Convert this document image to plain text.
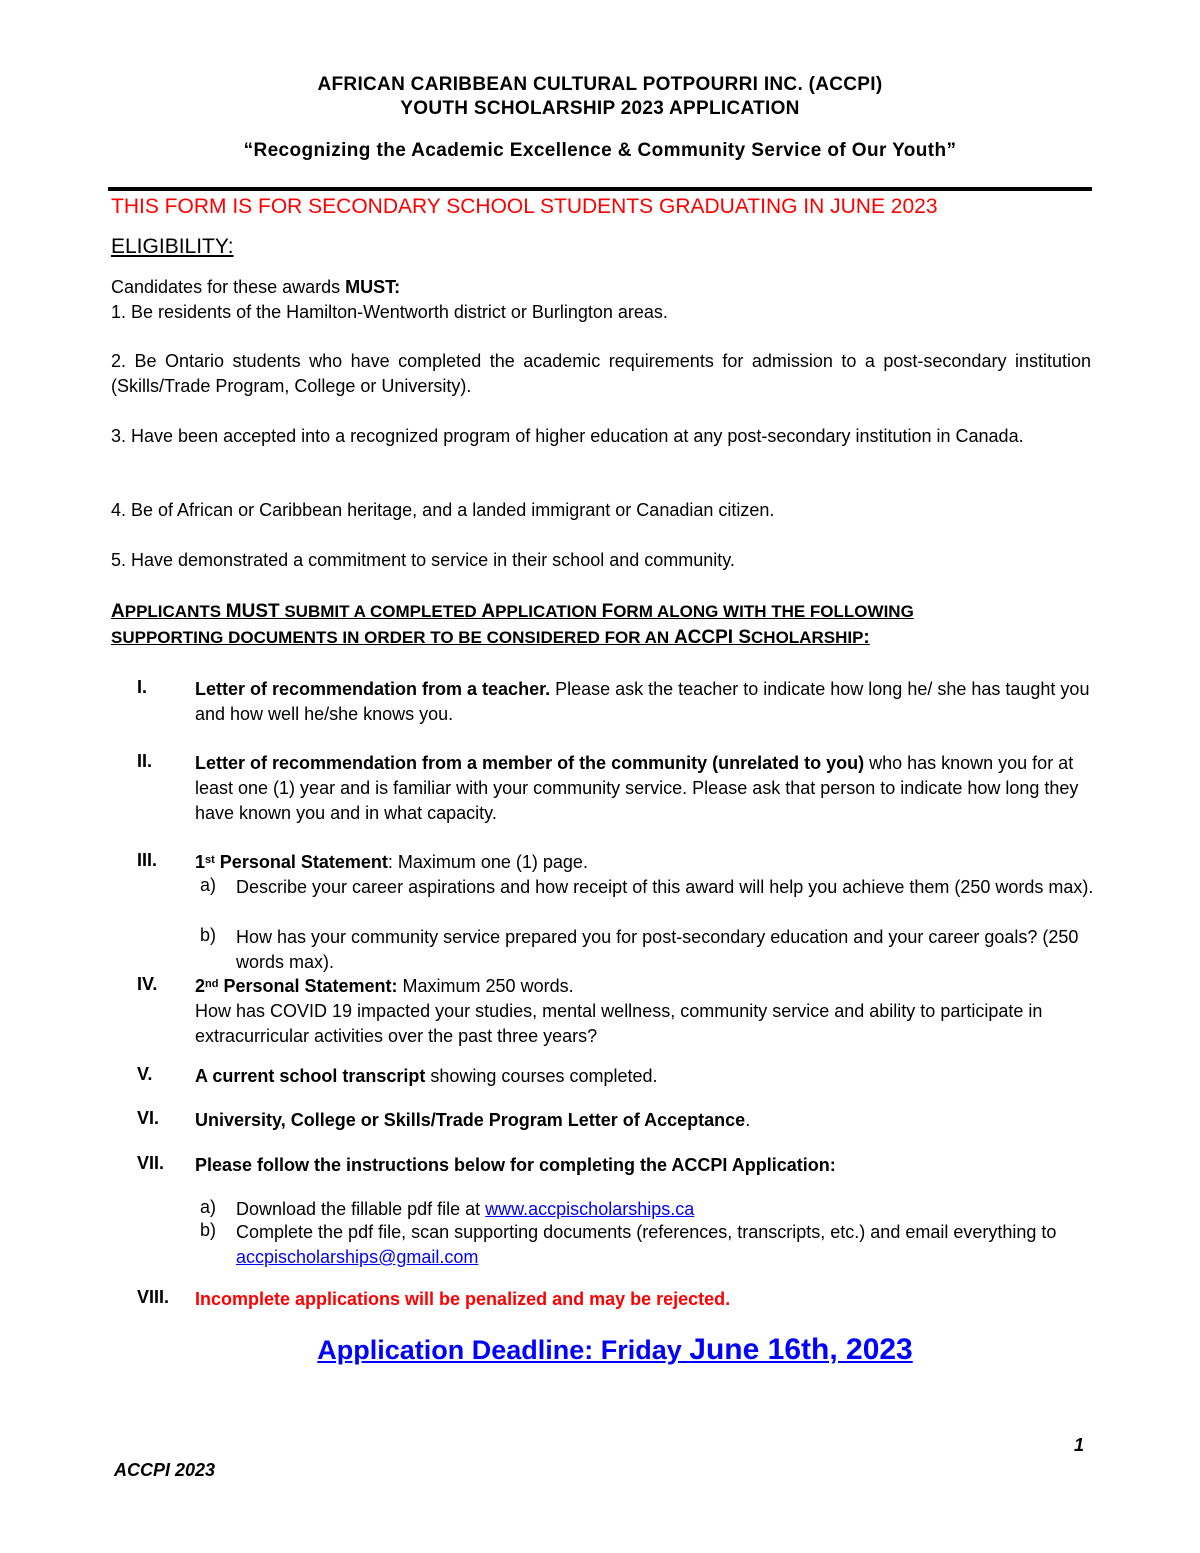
AFRICAN CARIBBEAN CULTURAL POTPOURRI INC. (ACCPI)
YOUTH SCHOLARSHIP 2023 APPLICATION
“Recognizing the Academic Excellence & Community Service of Our Youth”
THIS FORM IS FOR SECONDARY SCHOOL STUDENTS GRADUATING IN JUNE 2023
ELIGIBILITY:
Candidates for these awards MUST:
1. Be residents of the Hamilton-Wentworth district or Burlington areas.
2. Be Ontario students who have completed the academic requirements for admission to a post-secondary institution (Skills/Trade Program, College or University).
3. Have been accepted into a recognized program of higher education at any post-secondary institution in Canada.
4. Be of African or Caribbean heritage, and a landed immigrant or Canadian citizen.
5. Have demonstrated a commitment to service in their school and community.
APPLICANTS MUST SUBMIT A COMPLETED APPLICATION FORM ALONG WITH THE FOLLOWING
SUPPORTING DOCUMENTS IN ORDER TO BE CONSIDERED FOR AN ACCPI SCHOLARSHIP:
I.	Letter of recommendation from a teacher. Please ask the teacher to indicate how long he/ she has taught you and how well he/she knows you.
II. Letter of recommendation from a member of the community (unrelated to you) who has known you for at least one (1) year and is familiar with your community service. Please ask that person to indicate how long they have known you and in what capacity.
III. 1st Personal Statement: Maximum one (1) page.
a) Describe your career aspirations and how receipt of this award will help you achieve them (250 words max).
b) How has your community service prepared you for post-secondary education and your career goals? (250 words max).
IV. 2nd Personal Statement: Maximum 250 words.
How has COVID 19 impacted your studies, mental wellness, community service and ability to participate in extracurricular activities over the past three years?
V. A current school transcript showing courses completed.
VI. University, College or Skills/Trade Program Letter of Acceptance.
VII. Please follow the instructions below for completing the ACCPI Application:
a) Download the fillable pdf file at www.accpischolarships.ca
b) Complete the pdf file, scan supporting documents (references, transcripts, etc.) and email everything to accpischolarships@gmail.com
VIII. Incomplete applications will be penalized and may be rejected.
Application Deadline: Friday June 16th, 2023
1
ACCPI 2023
